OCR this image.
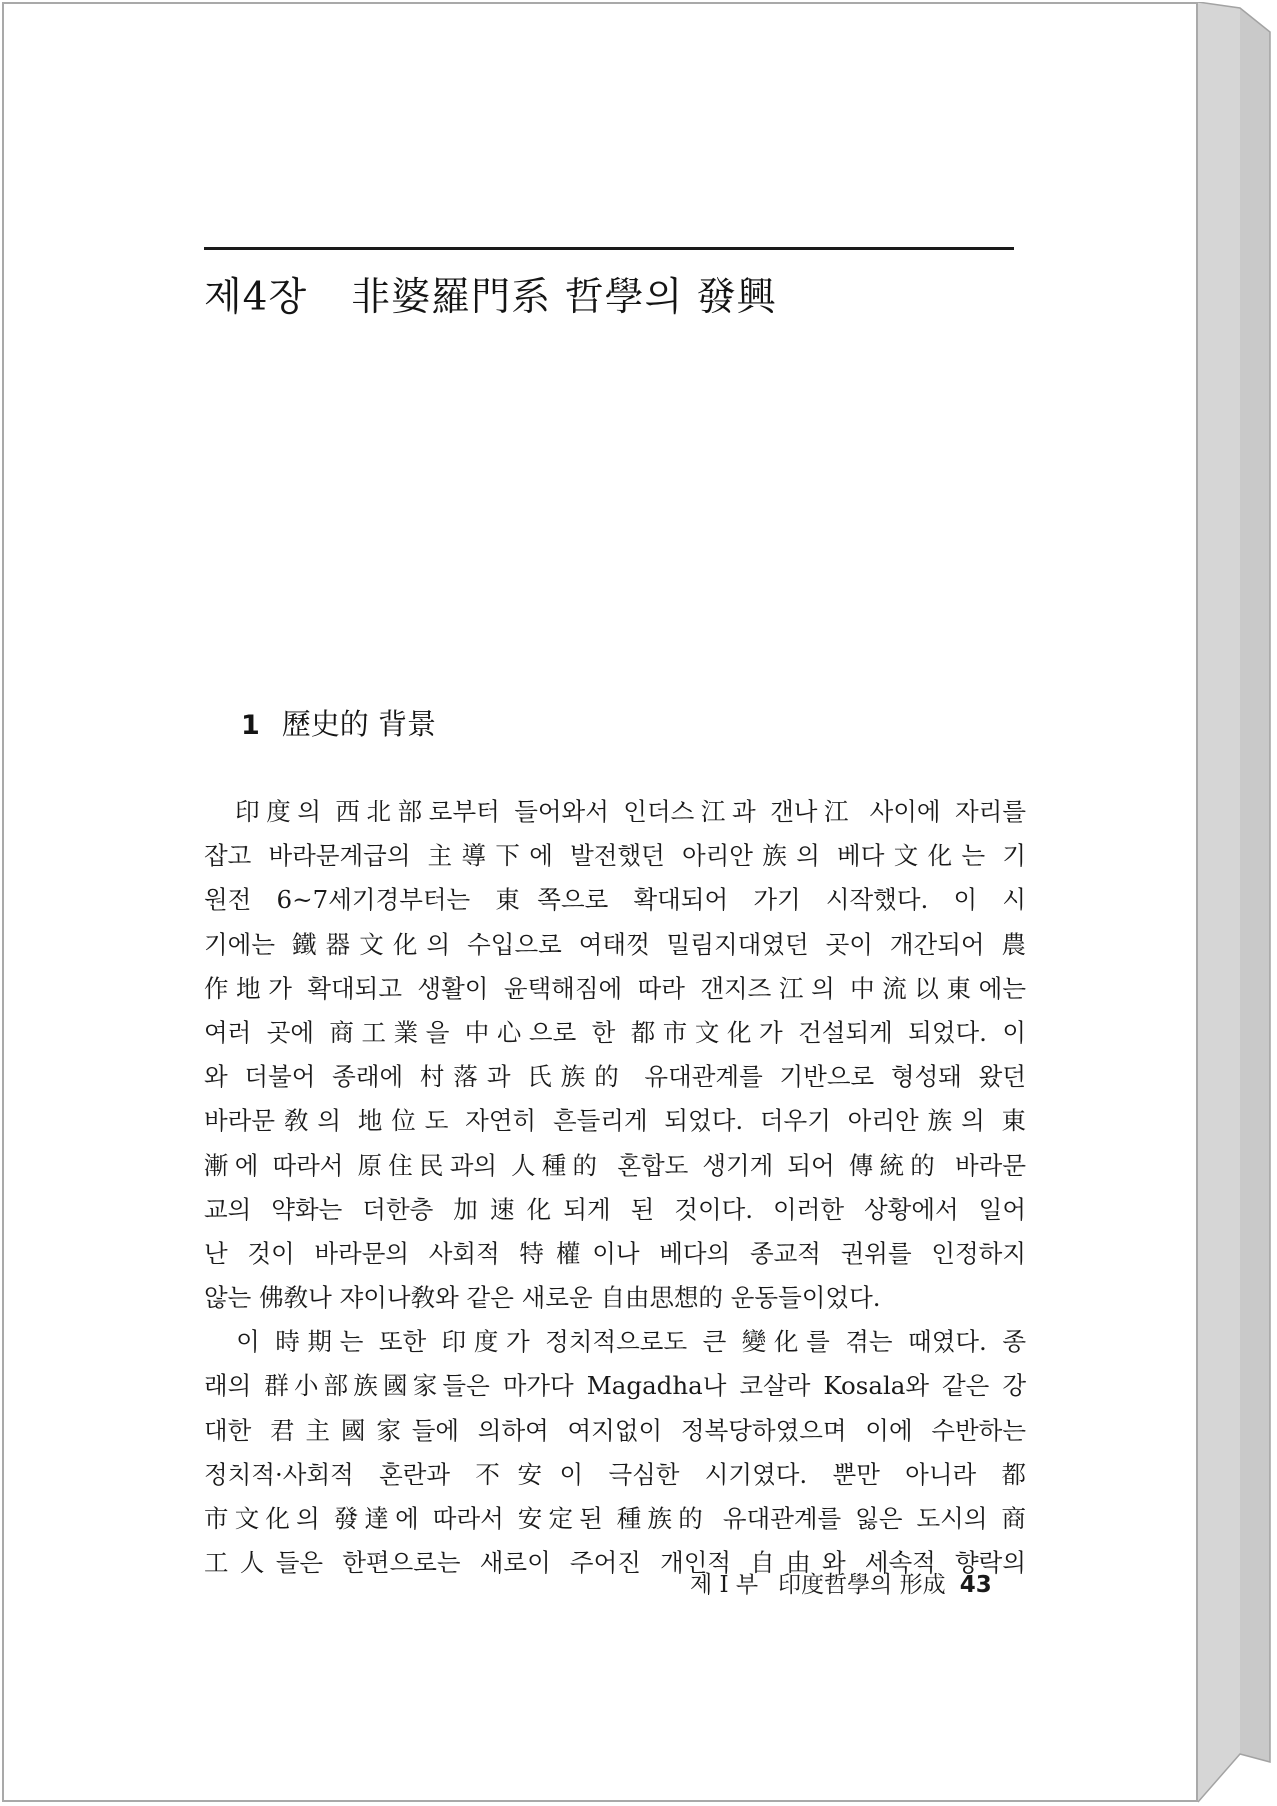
제4장 非婆羅門系 哲學의 發興
1 歷史的 背景
　印度의 西北部로부터 들어와서 인더스江과 갠나江 사이에 자리를
잡고 바라문계급의 主導下에 발전했던 아리안族의 베다文化는 기
원전 6~7세기경부터는 東쪽으로 확대되어 가기 시작했다. 이 시
기에는 鐵器文化의 수입으로 여태껏 밀림지대였던 곳이 개간되어 農
作地가 확대되고 생활이 윤택해짐에 따라 갠지즈江의 中流以東에는
여러 곳에 商工業을 中心으로 한 都市文化가 건설되게 되었다. 이
와 더불어 종래에 村落과 氏族的 유대관계를 기반으로 형성돼 왔던
바라문敎의 地位도 자연히 흔들리게 되었다. 더우기 아리안族의 東
漸에 따라서 原住民과의 人種的 혼합도 생기게 되어 傳統的 바라문
교의 약화는 더한층 加速化되게 된 것이다. 이러한 상황에서 일어
난 것이 바라문의 사회적 特權이나 베다의 종교적 권위를 인정하지
않는 佛敎나 쟈이나敎와 같은 새로운 自由思想的 운동들이었다.
　이 時期는 또한 印度가 정치적으로도 큰 變化를 겪는 때였다. 종
래의 群小部族國家들은 마가다 Magadha나 코살라 Kosala와 같은 강
대한 君主國家들에 의하여 여지없이 정복당하였으며 이에 수반하는
정치적·사회적 혼란과 不安이 극심한 시기였다. 뿐만 아니라 都
市文化의 發達에 따라서 安定된 種族的 유대관계를 잃은 도시의 商
工人들은 한편으로는 새로이 주어진 개인적 自由와 세속적 향락의
제 I 부 印度哲學의 形成 43
